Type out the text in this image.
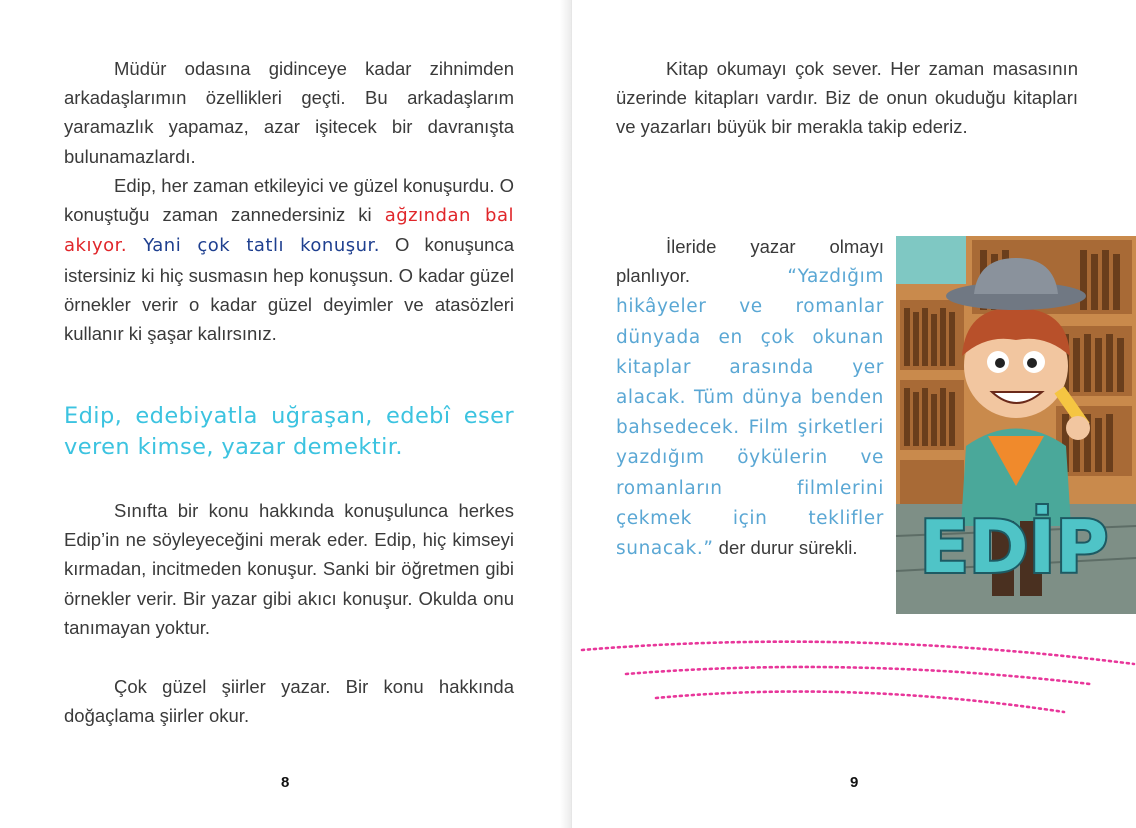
Müdür odasına gidinceye kadar zihnimden arkadaşlarımın özellikleri geçti. Bu arkadaşlarım yaramazlık yapamaz, azar işitecek bir davranışta bulunamazlardı.

Edip, her zaman etkileyici ve güzel konuşurdu. O konuştuğu zaman zannedersiniz ki ağzından bal akıyor. Yani çok tatlı konuşur. O konuşunca istersiniz ki hiç susmasın hep konuşsun. O kadar güzel örnekler verir o kadar güzel deyimler ve atasözleri kullanır ki şaşar kalırsınız.

Edip, edebiyatla uğraşan, edebî eser veren kimse, yazar demektir.

Sınıfta bir konu hakkında konuşulunca herkes Edip’in ne söyleyeceğini merak eder. Edip, hiç kimseyi kırmadan, incitmeden konuşur. Sanki bir öğretmen gibi örnekler verir. Bir yazar gibi akıcı konuşur. Okulda onu tanımayan yoktur.

Çok güzel şiirler yazar. Bir konu hakkında doğaçlama şiirler okur.

8

Kitap okumayı çok sever. Her zaman masasının üzerinde kitapları vardır. Biz de onun okuduğu kitapları ve yazarları büyük bir merakla takip ederiz.

İleride yazar olmayı planlıyor. “Yazdığım hikâyeler ve romanlar dünyada en çok okunan kitaplar arasında yer alacak. Tüm dünya benden bahsedecek. Film şirketleri yazdığım öykülerin ve romanların filmlerini çekmek için teklifler sunacak.” der durur sürekli.

9
EDİP
